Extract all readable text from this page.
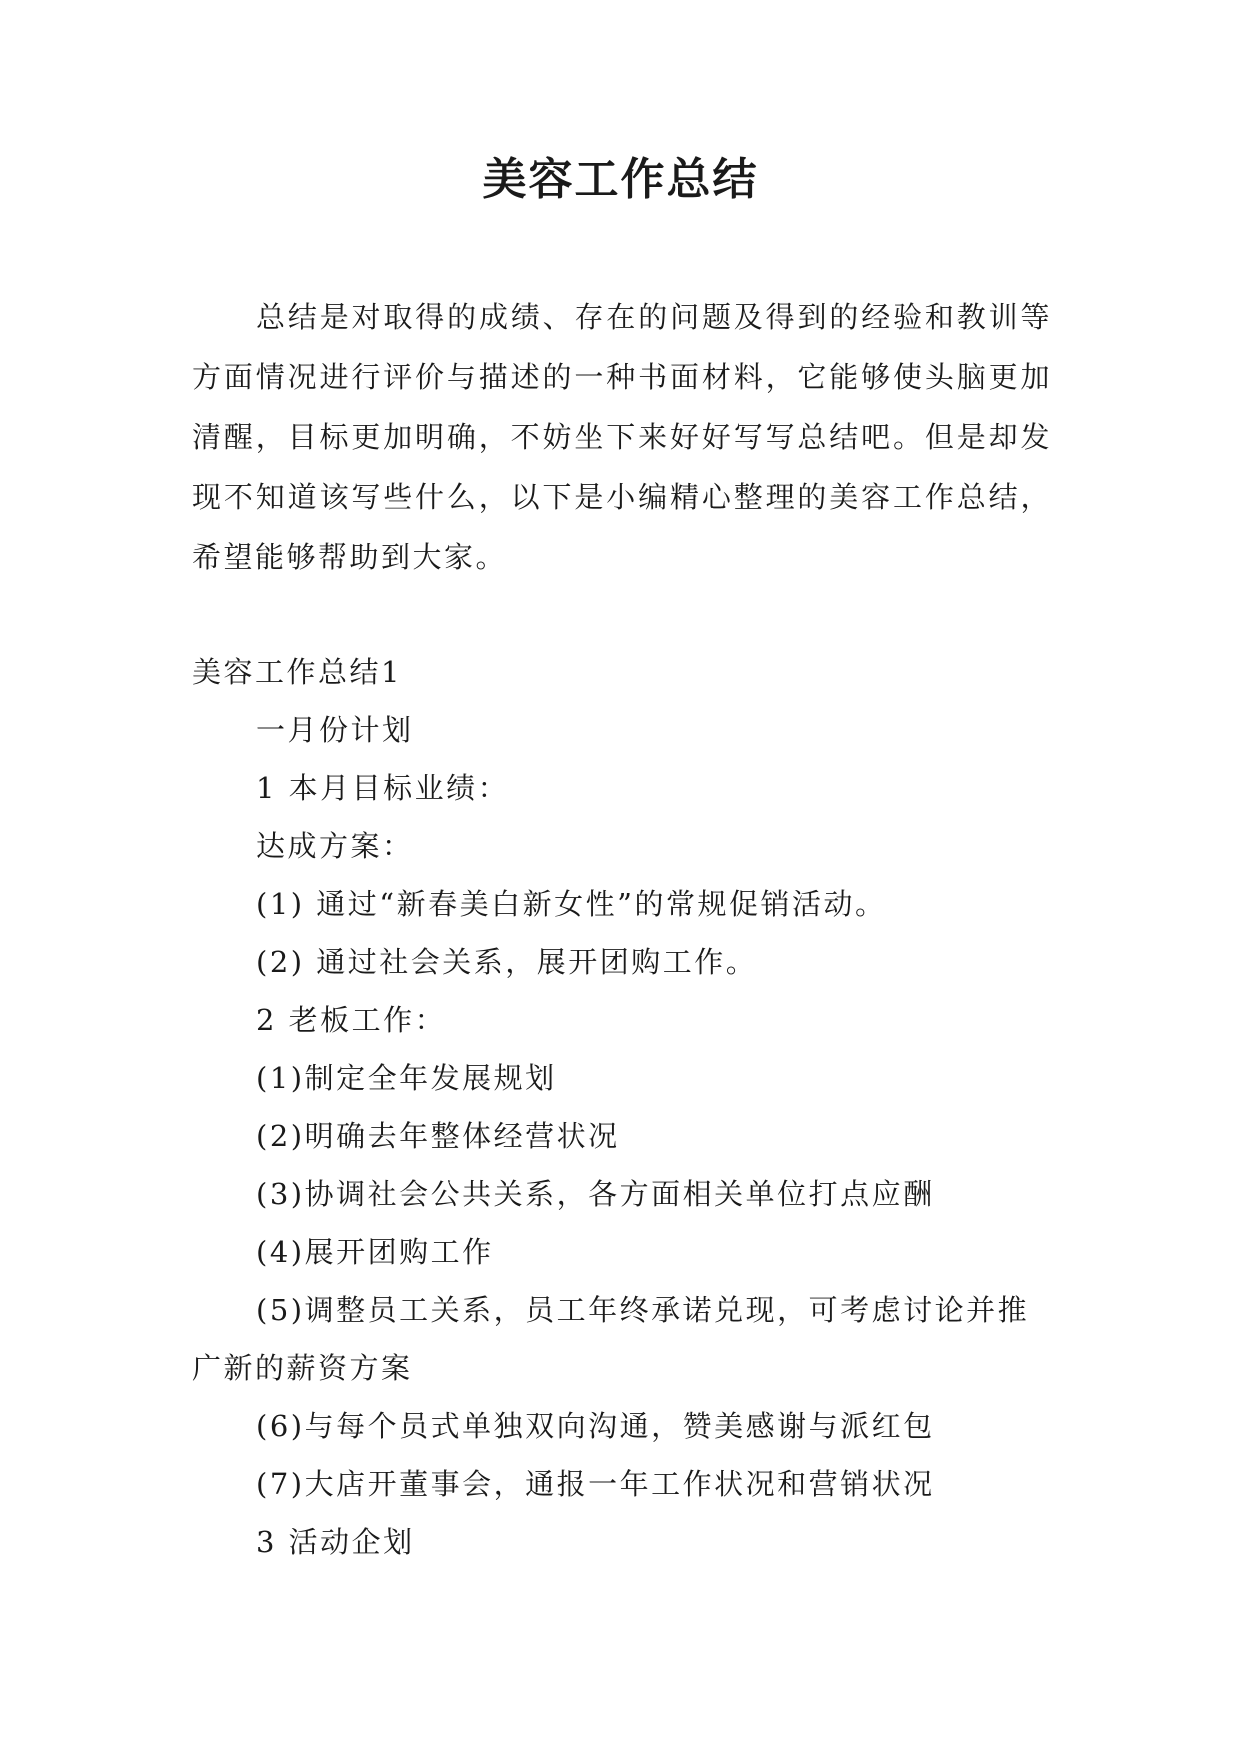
美容工作总结

总结是对取得的成绩、存在的问题及得到的经验和教训等方面情况进行评价与描述的一种书面材料，它能够使头脑更加清醒，目标更加明确，不妨坐下来好好写写总结吧。但是却发现不知道该写些什么，以下是小编精心整理的美容工作总结，希望能够帮助到大家。

美容工作总结1

一月份计划

1 本月目标业绩：

达成方案：

(1) 通过“新春美白新女性”的常规促销活动。

(2) 通过社会关系，展开团购工作。

2 老板工作：

(1)制定全年发展规划

(2)明确去年整体经营状况

(3)协调社会公共关系，各方面相关单位打点应酬

(4)展开团购工作

(5)调整员工关系，员工年终承诺兑现，可考虑讨论并推广新的薪资方案

(6)与每个员式单独双向沟通，赞美感谢与派红包

(7)大店开董事会，通报一年工作状况和营销状况

3 活动企划
